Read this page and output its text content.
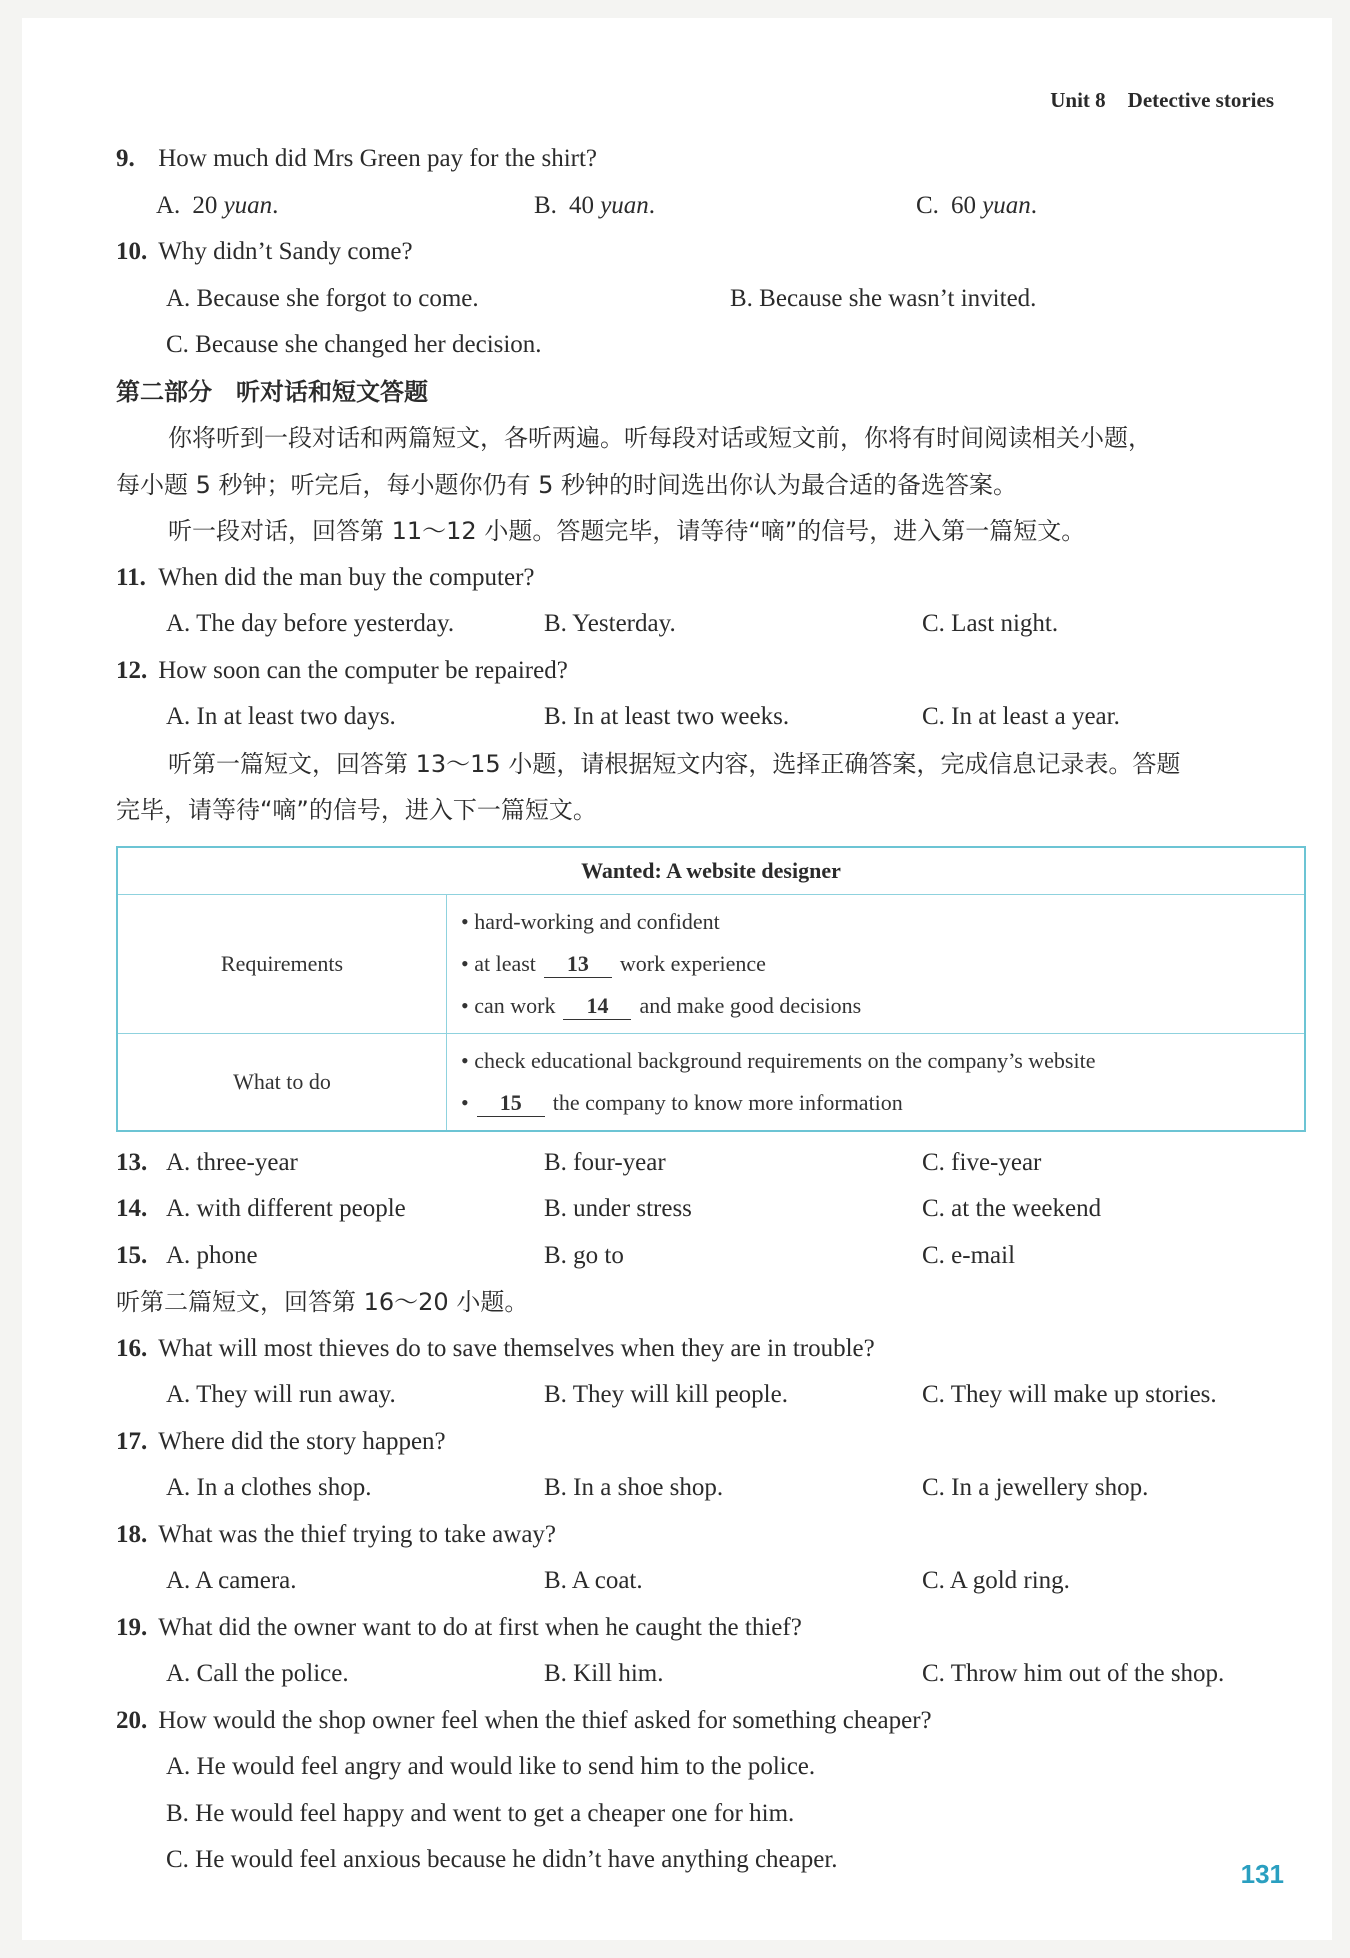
Unit 8 Detective stories
9. How much did Mrs Green pay for the shirt?
A. 20 yuan.	B. 40 yuan.	C. 60 yuan.
10. Why didn’t Sandy come?
A. Because she forgot to come.	B. Because she wasn’t invited.
C. Because she changed her decision.
第二部分　听对话和短文答题
你将听到一段对话和两篇短文，各听两遍。听每段对话或短文前，你将有时间阅读相关小题，
每小题 5 秒钟；听完后，每小题你仍有 5 秒钟的时间选出你认为最合适的备选答案。
听一段对话，回答第 11～12 小题。答题完毕，请等待“嘀”的信号，进入第一篇短文。
11. When did the man buy the computer?
A. The day before yesterday.	B. Yesterday.	C. Last night.
12. How soon can the computer be repaired?
A. In at least two days.	B. In at least two weeks.	C. In at least a year.
听第一篇短文，回答第 13～15 小题，请根据短文内容，选择正确答案，完成信息记录表。答题
完毕，请等待“嘀”的信号，进入下一篇短文。
Wanted: A website designer	
Requirements	• hard-working and confident
• at least 13 work experience
• can work 14 and make good decisions

What to do	• check educational background requirements on the company’s website
• 15 the company to know more information
13. A. three-year	B. four-year	C. five-year
14. A. with different people	B. under stress	C. at the weekend
15. A. phone	B. go to	C. e-mail
听第二篇短文，回答第 16～20 小题。
16. What will most thieves do to save themselves when they are in trouble?
A. They will run away.	B. They will kill people.	C. They will make up stories.
17. Where did the story happen?
A. In a clothes shop.	B. In a shoe shop.	C. In a jewellery shop.
18. What was the thief trying to take away?
A. A camera.	B. A coat.	C. A gold ring.
19. What did the owner want to do at first when he caught the thief?
A. Call the police.	B. Kill him.	C. Throw him out of the shop.
20. How would the shop owner feel when the thief asked for something cheaper?
A. He would feel angry and would like to send him to the police.
B. He would feel happy and went to get a cheaper one for him.
C. He would feel anxious because he didn’t have anything cheaper.	131
